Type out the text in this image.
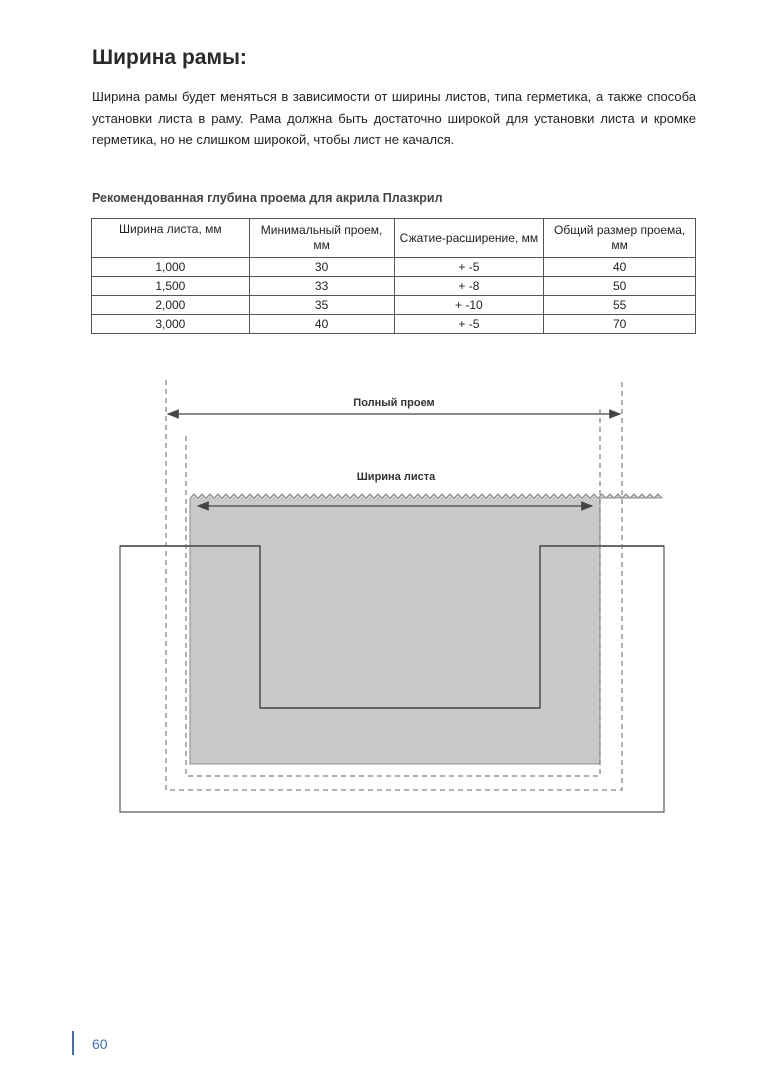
Ширина рамы:

Ширина рамы будет меняться в зависимости от ширины листов, типа герметика, а также способа установки листа в раму. Рама должна быть достаточно широкой для установки листа и кромке герметика, но не слишком широкой, чтобы лист не качался.

Рекомендованная глубина проема для акрила Плазкрил
Ширина листа, мм	Минимальный проем, мм	Сжатие-расширение, мм	Общий размер проема, мм
1,000	30	+ -5	40
1,500	33	+ -8	50
2,000	35	+ -10	55
3,000	40	+ -5	70
Полный проем
Ширина листа
60
